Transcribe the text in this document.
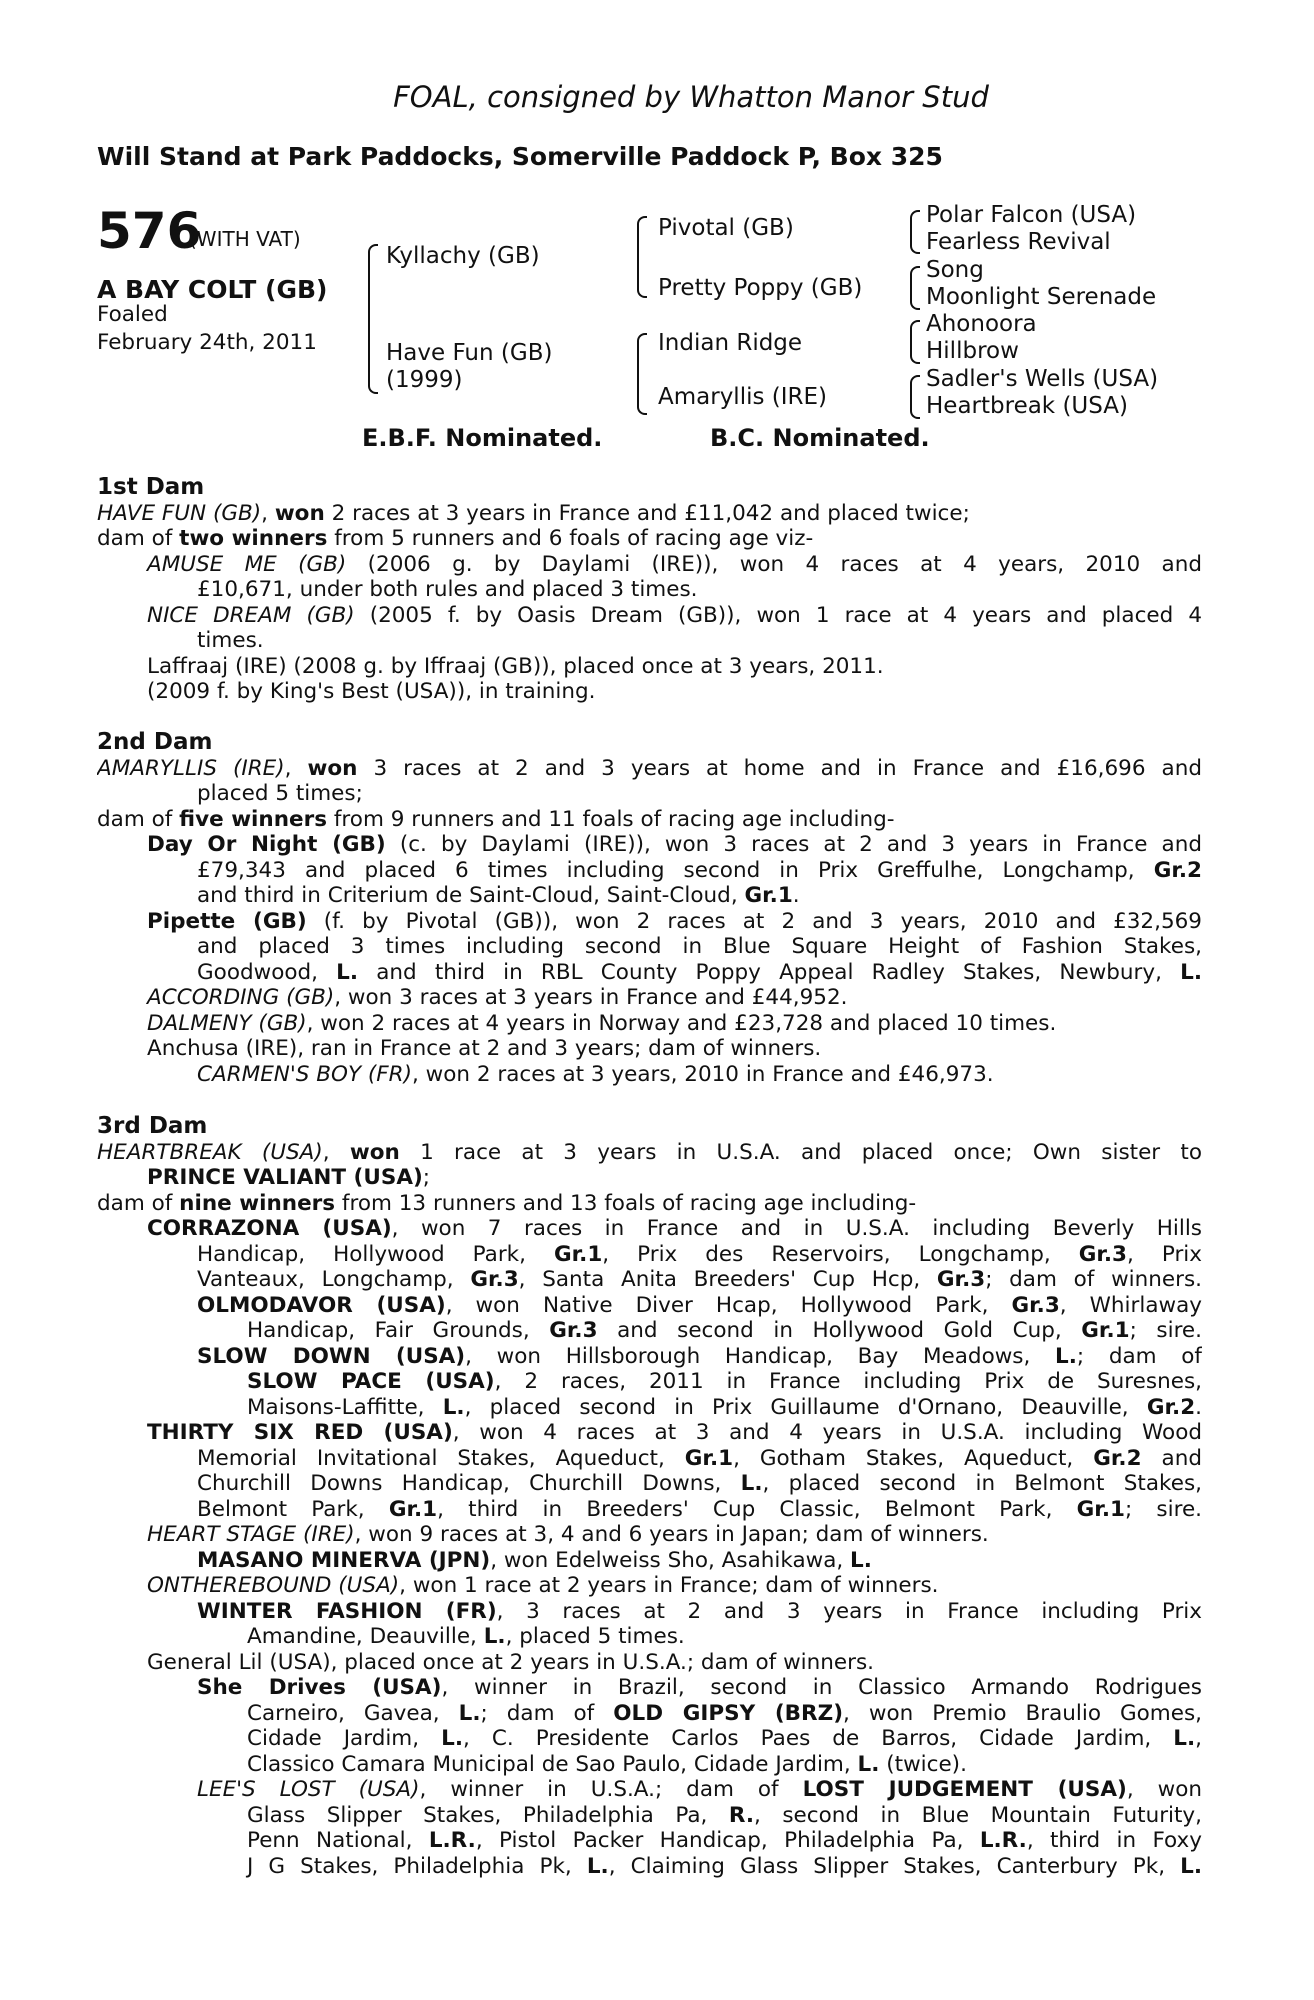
FOAL, consigned by Whatton Manor Stud
Will Stand at Park Paddocks, Somerville Paddock P, Box 325
576
(WITH VAT)
A BAY COLT (GB)
Foaled
February 24th, 2011
Kyllachy (GB)
Have Fun (GB)
(1999)
Pivotal (GB)
Pretty Poppy (GB)
Indian Ridge
Amaryllis (IRE)
Polar Falcon (USA)
Fearless Revival
Song
Moonlight Serenade
Ahonoora
Hillbrow
Sadler's Wells (USA)
Heartbreak (USA)
E.B.F. Nominated.	B.C. Nominated.
1st Dam
HAVE FUN (GB), won 2 races at 3 years in France and £11,042 and placed twice;
dam of two winners from 5 runners and 6 foals of racing age viz-
AMUSE ME (GB) (2006 g. by Daylami (IRE)), won 4 races at 4 years, 2010 and
£10,671, under both rules and placed 3 times.
NICE DREAM (GB) (2005 f. by Oasis Dream (GB)), won 1 race at 4 years and placed 4
times.
Laffraaj (IRE) (2008 g. by Iffraaj (GB)), placed once at 3 years, 2011.
(2009 f. by King's Best (USA)), in training.
2nd Dam
AMARYLLIS (IRE), won 3 races at 2 and 3 years at home and in France and £16,696 and
placed 5 times;
dam of five winners from 9 runners and 11 foals of racing age including-
Day Or Night (GB) (c. by Daylami (IRE)), won 3 races at 2 and 3 years in France and
£79,343 and placed 6 times including second in Prix Greffulhe, Longchamp, Gr.2
and third in Criterium de Saint-Cloud, Saint-Cloud, Gr.1.
Pipette (GB) (f. by Pivotal (GB)), won 2 races at 2 and 3 years, 2010 and £32,569
and placed 3 times including second in Blue Square Height of Fashion Stakes,
Goodwood, L. and third in RBL County Poppy Appeal Radley Stakes, Newbury, L.
ACCORDING (GB), won 3 races at 3 years in France and £44,952.
DALMENY (GB), won 2 races at 4 years in Norway and £23,728 and placed 10 times.
Anchusa (IRE), ran in France at 2 and 3 years; dam of winners.
CARMEN'S BOY (FR), won 2 races at 3 years, 2010 in France and £46,973.
3rd Dam
HEARTBREAK (USA), won 1 race at 3 years in U.S.A. and placed once; Own sister to
PRINCE VALIANT (USA);
dam of nine winners from 13 runners and 13 foals of racing age including-
CORRAZONA (USA), won 7 races in France and in U.S.A. including Beverly Hills
Handicap, Hollywood Park, Gr.1, Prix des Reservoirs, Longchamp, Gr.3, Prix
Vanteaux, Longchamp, Gr.3, Santa Anita Breeders' Cup Hcp, Gr.3; dam of winners.
OLMODAVOR (USA), won Native Diver Hcap, Hollywood Park, Gr.3, Whirlaway
Handicap, Fair Grounds, Gr.3 and second in Hollywood Gold Cup, Gr.1; sire.
SLOW DOWN (USA), won Hillsborough Handicap, Bay Meadows, L.; dam of
SLOW PACE (USA), 2 races, 2011 in France including Prix de Suresnes,
Maisons-Laffitte, L., placed second in Prix Guillaume d'Ornano, Deauville, Gr.2.
THIRTY SIX RED (USA), won 4 races at 3 and 4 years in U.S.A. including Wood
Memorial Invitational Stakes, Aqueduct, Gr.1, Gotham Stakes, Aqueduct, Gr.2 and
Churchill Downs Handicap, Churchill Downs, L., placed second in Belmont Stakes,
Belmont Park, Gr.1, third in Breeders' Cup Classic, Belmont Park, Gr.1; sire.
HEART STAGE (IRE), won 9 races at 3, 4 and 6 years in Japan; dam of winners.
MASANO MINERVA (JPN), won Edelweiss Sho, Asahikawa, L.
ONTHEREBOUND (USA), won 1 race at 2 years in France; dam of winners.
WINTER FASHION (FR), 3 races at 2 and 3 years in France including Prix
Amandine, Deauville, L., placed 5 times.
General Lil (USA), placed once at 2 years in U.S.A.; dam of winners.
She Drives (USA), winner in Brazil, second in Classico Armando Rodrigues
Carneiro, Gavea, L.; dam of OLD GIPSY (BRZ), won Premio Braulio Gomes,
Cidade Jardim, L., C. Presidente Carlos Paes de Barros, Cidade Jardim, L.,
Classico Camara Municipal de Sao Paulo, Cidade Jardim, L. (twice).
LEE'S LOST (USA), winner in U.S.A.; dam of LOST JUDGEMENT (USA), won
Glass Slipper Stakes, Philadelphia Pa, R., second in Blue Mountain Futurity,
Penn National, L.R., Pistol Packer Handicap, Philadelphia Pa, L.R., third in Foxy
J G Stakes, Philadelphia Pk, L., Claiming Glass Slipper Stakes, Canterbury Pk, L.
